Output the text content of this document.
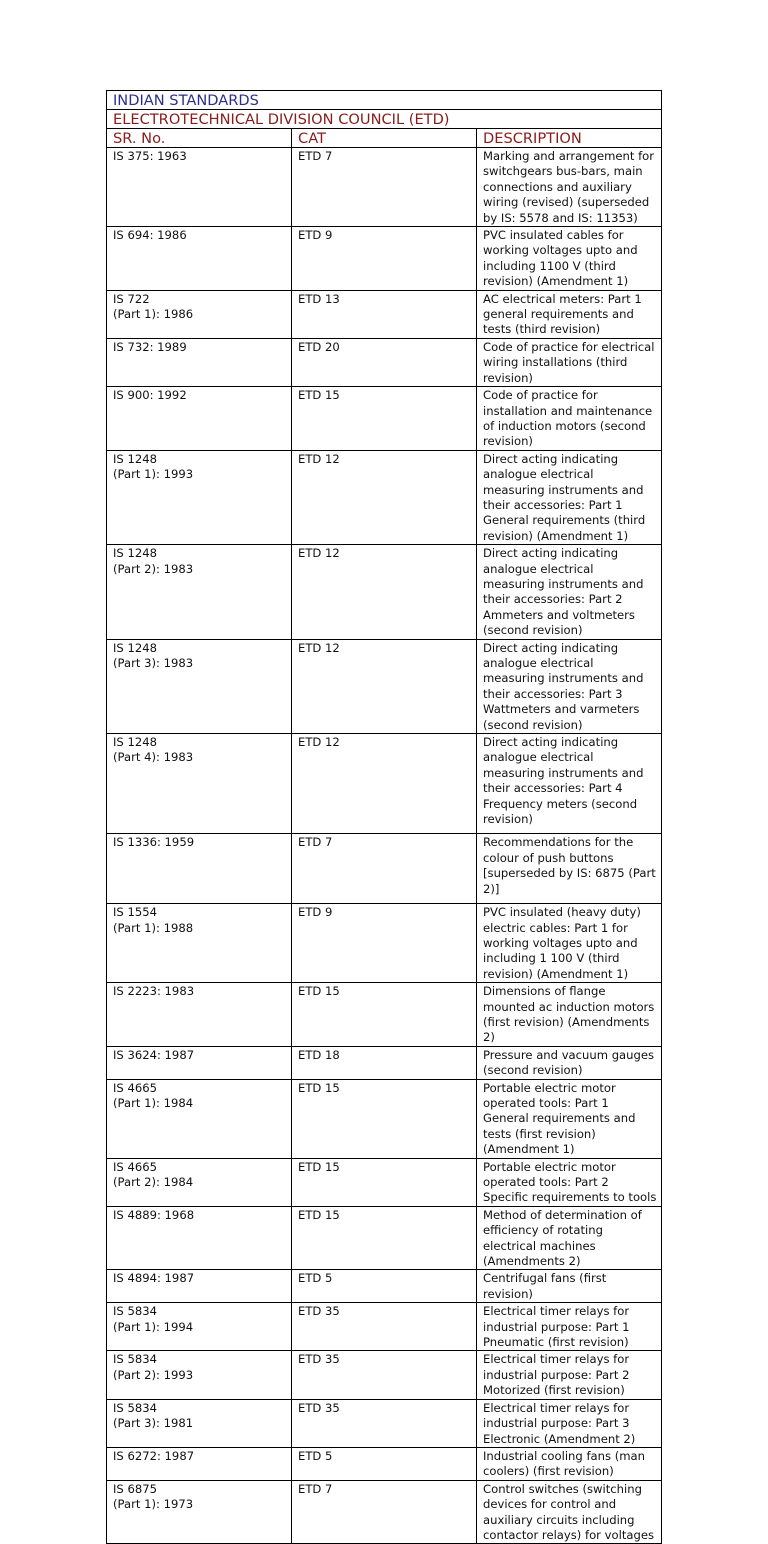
INDIAN STANDARDS		
ELECTROTECHNICAL DIVISION COUNCIL (ETD)		
SR. No.	CAT	DESCRIPTION
IS 375: 1963	ETD 7	Marking and arrangement for switchgears bus-bars, main connections and auxiliary wiring (revised) (superseded by IS: 5578 and IS: 11353)
IS 694: 1986	ETD 9	PVC insulated cables for working voltages upto and including 1100 V (third revision) (Amendment 1)
IS 722
(Part 1): 1986	ETD 13	AC electrical meters: Part 1 general requirements and tests (third revision)
IS 732: 1989	ETD 20	Code of practice for electrical wiring installations (third revision)
IS 900: 1992	ETD 15	Code of practice for installation and maintenance of induction motors (second revision)
IS 1248
(Part 1): 1993	ETD 12	Direct acting indicating analogue electrical measuring instruments and their accessories: Part 1 General requirements (third revision) (Amendment 1)
IS 1248
(Part 2): 1983	ETD 12	Direct acting indicating analogue electrical measuring instruments and their accessories: Part 2 Ammeters and voltmeters (second revision)
IS 1248
(Part 3): 1983	ETD 12	Direct acting indicating analogue electrical measuring instruments and their accessories: Part 3 Wattmeters and varmeters (second revision)
IS 1248
(Part 4): 1983	ETD 12	Direct acting indicating analogue electrical measuring instruments and their accessories: Part 4 Frequency meters (second revision)
IS 1336: 1959	ETD 7	Recommendations for the colour of push buttons [superseded by IS: 6875 (Part 2)]
IS 1554
(Part 1): 1988	ETD 9	PVC insulated (heavy duty) electric cables: Part 1 for working voltages upto and including 1 100 V (third revision) (Amendment 1)
IS 2223: 1983	ETD 15	Dimensions of flange mounted ac induction motors (first revision) (Amendments 2)
IS 3624: 1987	ETD 18	Pressure and vacuum gauges (second revision)
IS 4665
(Part 1): 1984	ETD 15	Portable electric motor operated tools: Part 1 General requirements and tests (first revision) (Amendment 1)
IS 4665
(Part 2): 1984	ETD 15	Portable electric motor operated tools: Part 2 Specific requirements to tools
IS 4889: 1968	ETD 15	Method of determination of efficiency of rotating electrical machines (Amendments 2)
IS 4894: 1987	ETD 5	Centrifugal fans (first revision)
IS 5834
(Part 1): 1994	ETD 35	Electrical timer relays for industrial purpose: Part 1 Pneumatic (first revision)
IS 5834
(Part 2): 1993	ETD 35	Electrical timer relays for industrial purpose: Part 2 Motorized (first revision)
IS 5834
(Part 3): 1981	ETD 35	Electrical timer relays for industrial purpose: Part 3 Electronic (Amendment 2)
IS 6272: 1987	ETD 5	Industrial cooling fans (man coolers) (first revision)
IS 6875
(Part 1): 1973	ETD 7	Control switches (switching devices for control and auxiliary circuits including contactor relays) for voltages
